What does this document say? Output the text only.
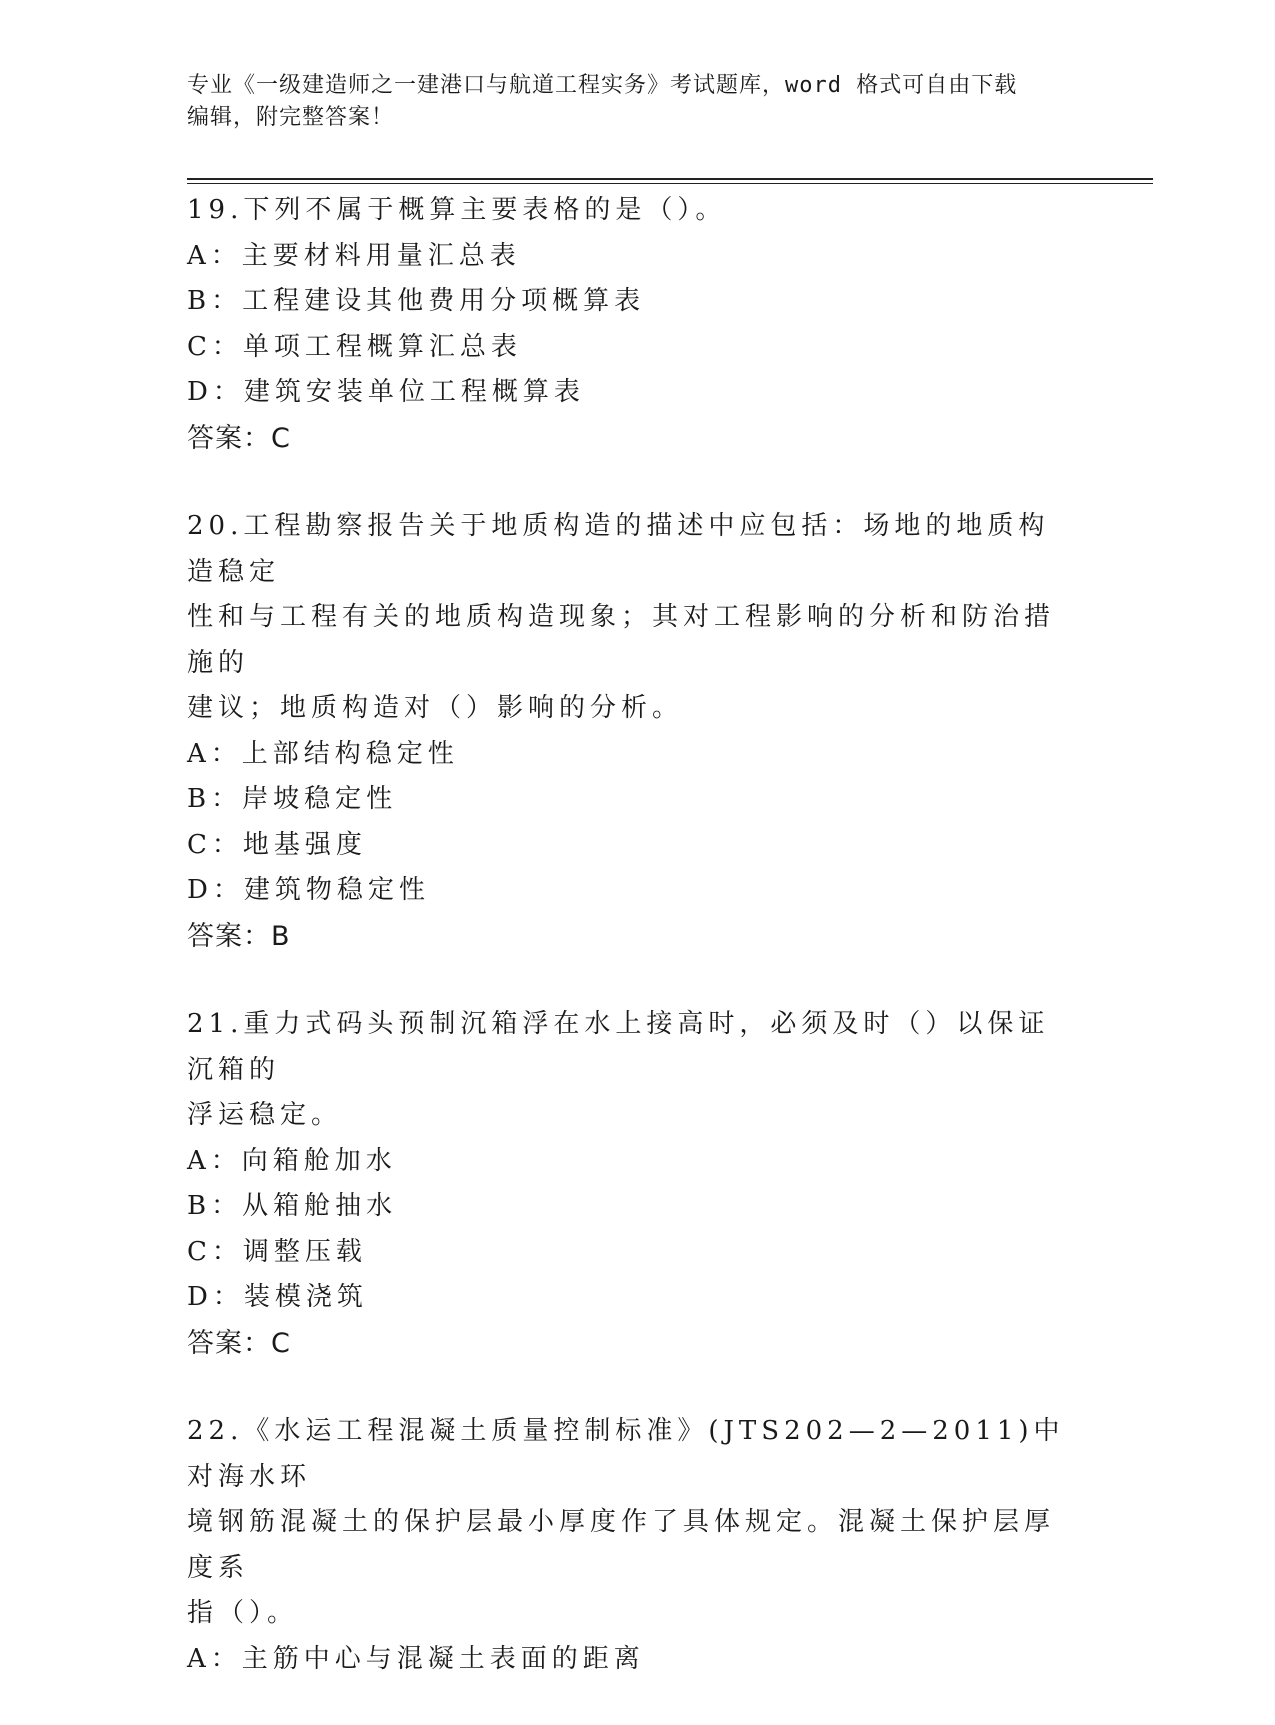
专业《一级建造师之一建港口与航道工程实务》考试题库，word 格式可自由下载
编辑，附完整答案！
19.下列不属于概算主要表格的是（）。
A：主要材料用量汇总表
B：工程建设其他费用分项概算表
C：单项工程概算汇总表
D：建筑安装单位工程概算表
答案：C
20.工程勘察报告关于地质构造的描述中应包括：场地的地质构造稳定
性和与工程有关的地质构造现象；其对工程影响的分析和防治措施的
建议；地质构造对（）影响的分析。
A：上部结构稳定性
B：岸坡稳定性
C：地基强度
D：建筑物稳定性
答案：B
21.重力式码头预制沉箱浮在水上接高时，必须及时（）以保证沉箱的
浮运稳定。
A：向箱舱加水
B：从箱舱抽水
C：调整压载
D：装模浇筑
答案：C
22.《水运工程混凝土质量控制标准》(JTS202—2—2011)中对海水环
境钢筋混凝土的保护层最小厚度作了具体规定。混凝土保护层厚度系
指（）。
A：主筋中心与混凝土表面的距离
